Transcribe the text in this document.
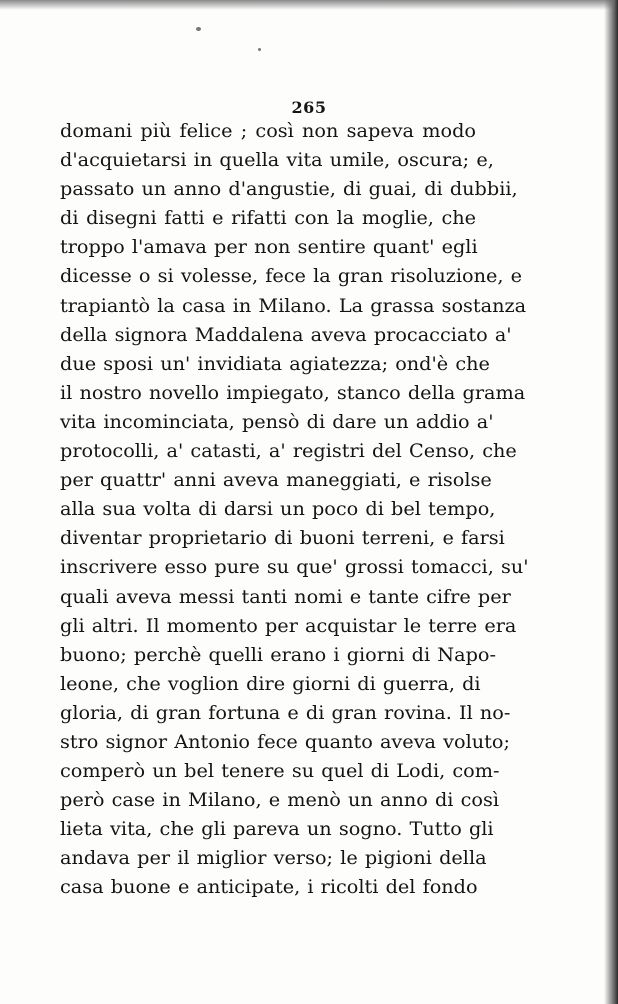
265
domani più felice ; così non sapeva modo
d'acquietarsi in quella vita umile, oscura; e,
passato un anno d'angustie, di guai, di dubbii,
di disegni fatti e rifatti con la moglie, che
troppo l'amava per non sentire quant' egli
dicesse o si volesse, fece la gran risoluzione, e
trapiantò la casa in Milano. La grassa sostanza
della signora Maddalena aveva procacciato a'
due sposi un' invidiata agiatezza; ond'è che
il nostro novello impiegato, stanco della grama
vita incominciata, pensò di dare un addio a'
protocolli, a' catasti, a' registri del Censo, che
per quattr' anni aveva maneggiati, e risolse
alla sua volta di darsi un poco di bel tempo,
diventar proprietario di buoni terreni, e farsi
inscrivere esso pure su que' grossi tomacci, su'
quali aveva messi tanti nomi e tante cifre per
gli altri. Il momento per acquistar le terre era
buono; perchè quelli erano i giorni di Napo-
leone, che voglion dire giorni di guerra, di
gloria, di gran fortuna e di gran rovina. Il no-
stro signor Antonio fece quanto aveva voluto;
comperò un bel tenere su quel di Lodi, com-
però case in Milano, e menò un anno di così
lieta vita, che gli pareva un sogno. Tutto gli
andava per il miglior verso; le pigioni della
casa buone e anticipate, i ricolti del fondo
